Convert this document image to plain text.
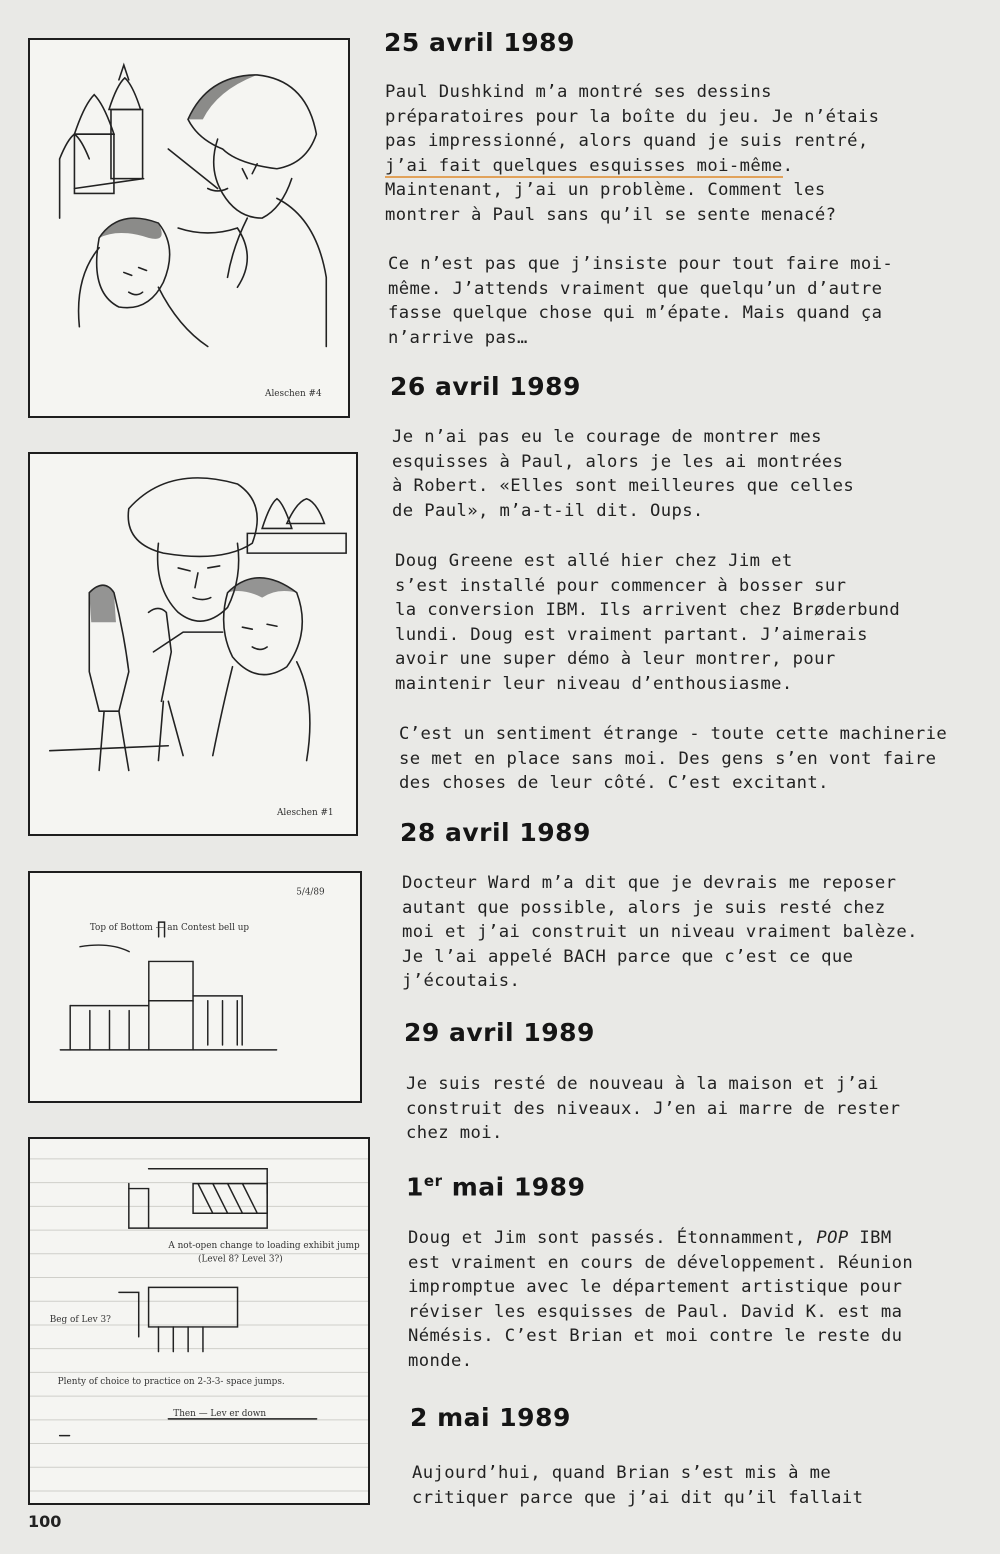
Aleschen #4
Aleschen #1
5/4/89
Top of Bottom — an Contest bell up
A not-open change to loading exhibit jump
(Level 8? Level 3?)
Beg of Lev 3?
Plenty of choice to practice on 2-3-3- space jumps.
Then — Lev er down
25 avril 1989
Paul Dushkind m’a montré ses dessins
préparatoires pour la boîte du jeu. Je n’étais
pas impressionné, alors quand je suis rentré,
j’ai fait quelques esquisses moi-même.
Maintenant, j’ai un problème. Comment les
montrer à Paul sans qu’il se sente menacé?
Ce n’est pas que j’insiste pour tout faire moi-
même. J’attends vraiment que quelqu’un d’autre
fasse quelque chose qui m’épate. Mais quand ça
n’arrive pas…
26 avril 1989
Je n’ai pas eu le courage de montrer mes
esquisses à Paul, alors je les ai montrées
à Robert. «Elles sont meilleures que celles
de Paul», m’a-t-il dit. Oups.
Doug Greene est allé hier chez Jim et
s’est installé pour commencer à bosser sur
la conversion IBM. Ils arrivent chez Brøderbund
lundi. Doug est vraiment partant. J’aimerais
avoir une super démo à leur montrer, pour
maintenir leur niveau d’enthousiasme.
C’est un sentiment étrange - toute cette machinerie
se met en place sans moi. Des gens s’en vont faire
des choses de leur côté. C’est excitant.
28 avril 1989
Docteur Ward m’a dit que je devrais me reposer
autant que possible, alors je suis resté chez
moi et j’ai construit un niveau vraiment balèze.
Je l’ai appelé BACH parce que c’est ce que
j’écoutais.
29 avril 1989
Je suis resté de nouveau à la maison et j’ai
construit des niveaux. J’en ai marre de rester
chez moi.
1er mai 1989
Doug et Jim sont passés. Étonnamment, POP IBM
est vraiment en cours de développement. Réunion
impromptue avec le département artistique pour
réviser les esquisses de Paul. David K. est ma
Némésis. C’est Brian et moi contre le reste du
monde.
2 mai 1989
Aujourd’hui, quand Brian s’est mis à me
critiquer parce que j’ai dit qu’il fallait
100
